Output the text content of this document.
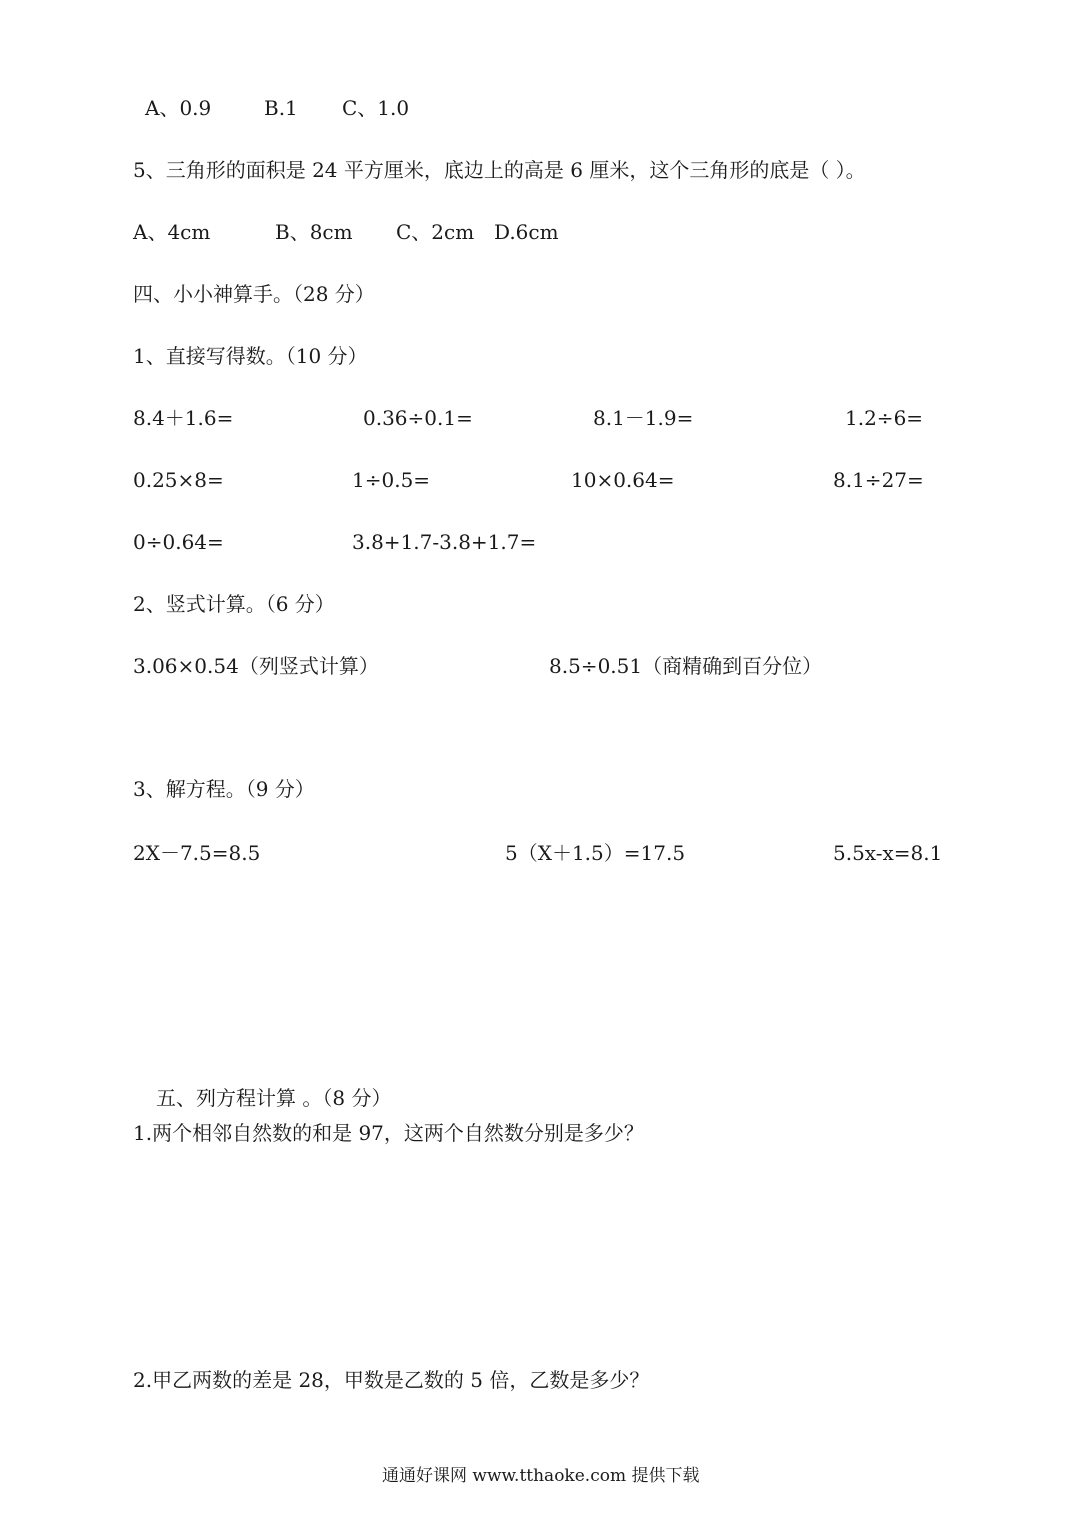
A、0.9	B.1 C、1.0
5、三角形的面积是 24 平方厘米，底边上的高是 6 厘米，这个三角形的底是（ ）。
A、4cm	B、8cm C、2cm D.6cm
四、小小神算手。（28 分）
1、直接写得数。（10 分）
8.4＋1.6=	0.36÷0.1=	8.1－1.9=	1.2÷6=
0.25×8=	1÷0.5=	10×0.64=	8.1÷27=
0÷0.64=	3.8+1.7-3.8+1.7=
2、竖式计算。（6 分）
3.06×0.54（列竖式计算）	8.5÷0.51（商精确到百分位）
3、解方程。（9 分）
2X－7.5=8.5	5（X＋1.5）=17.5	5.5x-x=8.1
五、列方程计算 。（8 分）
1.两个相邻自然数的和是 97，这两个自然数分别是多少？
2.甲乙两数的差是 28，甲数是乙数的 5 倍，乙数是多少？
通通好课网 www.tthaoke.com 提供下载
